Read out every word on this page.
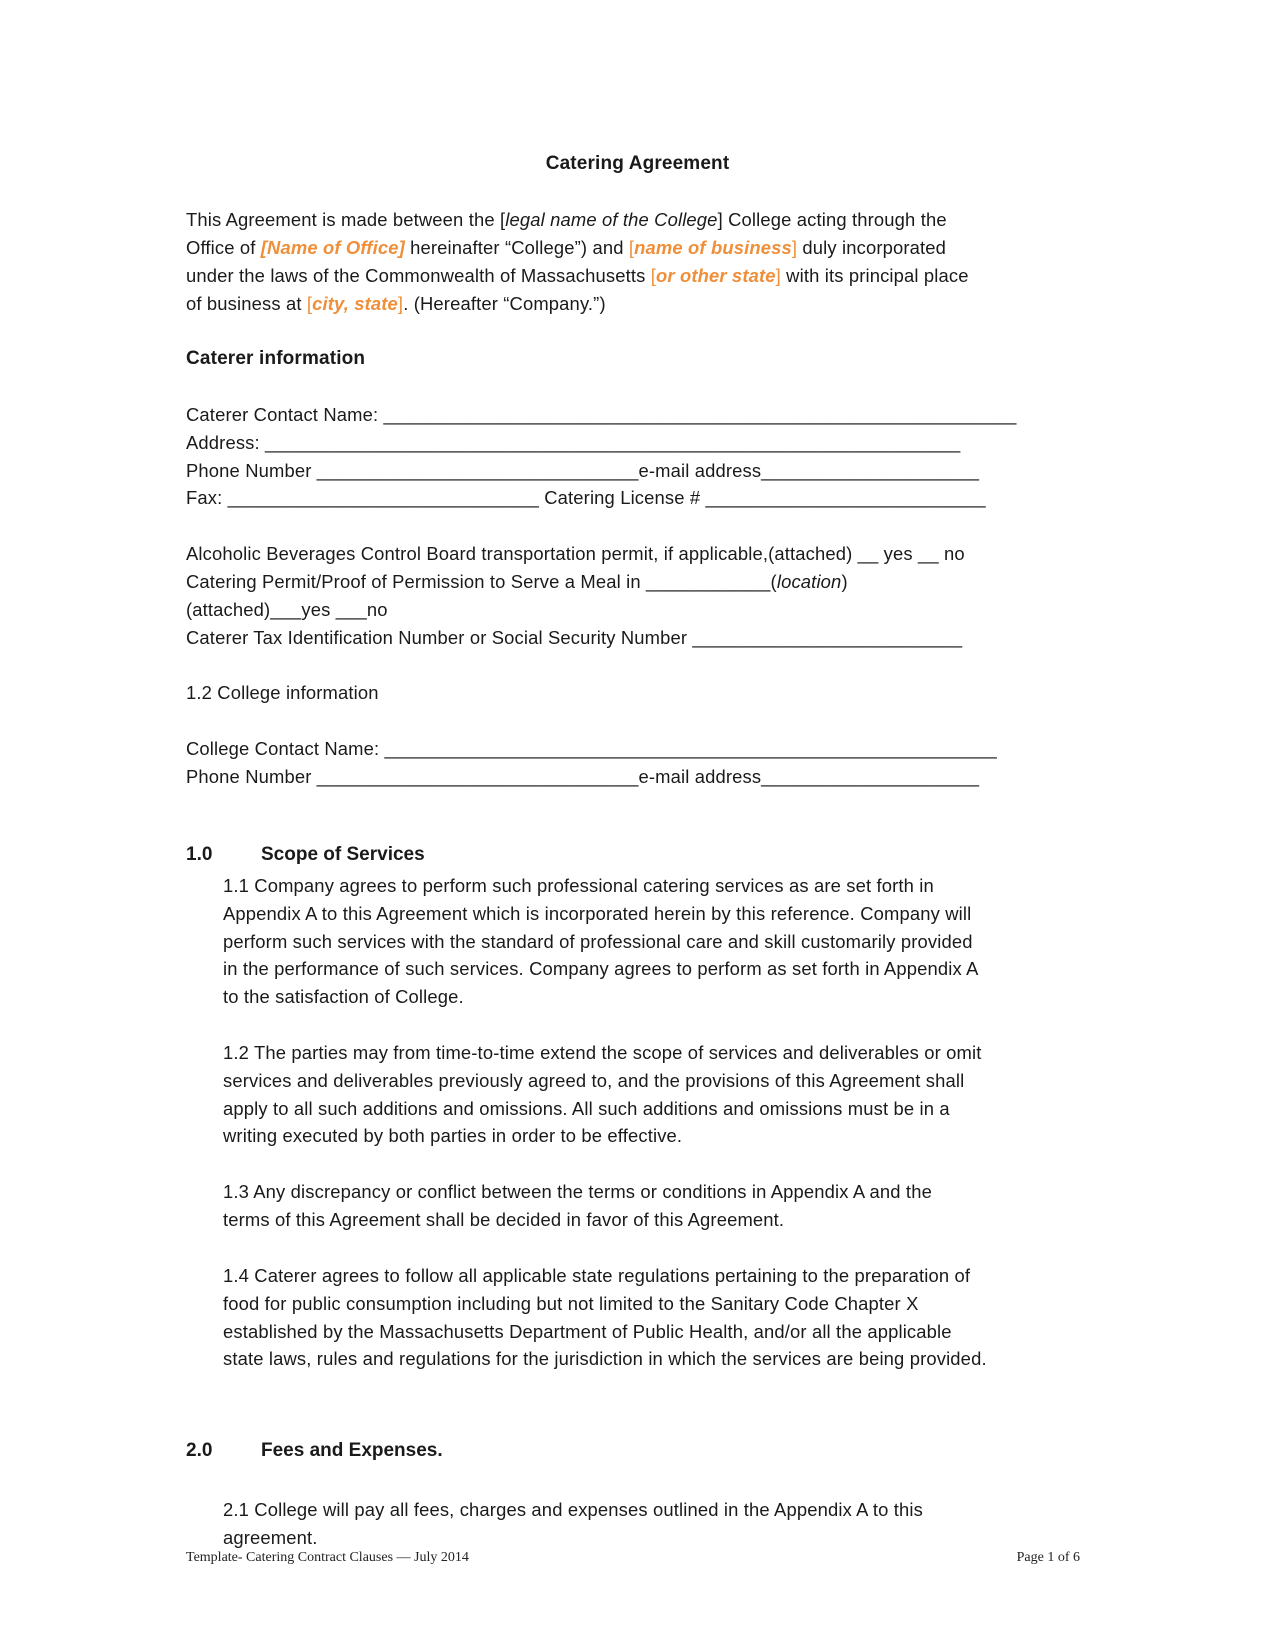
Catering Agreement
This Agreement is made between the [legal name of the College] College acting through the
Office of [Name of Office] hereinafter “College”) and [name of business] duly incorporated
under the laws of the Commonwealth of Massachusetts [or other state] with its principal place
of business at [city, state]. (Hereafter “Company.”)
Caterer information
Caterer Contact Name: _____________________________________________________________
Address: ___________________________________________________________________
Phone Number _______________________________e-mail address_____________________
Fax: ______________________________ Catering License # ___________________________
Alcoholic Beverages Control Board transportation permit, if applicable,(attached) __ yes __ no
Catering Permit/Proof of Permission to Serve a Meal in ____________(location)
(attached)___yes ___no
Caterer Tax Identification Number or Social Security Number __________________________
1.2 College information
College Contact Name: ___________________________________________________________
Phone Number _______________________________e-mail address_____________________
1.0	Scope of Services
1.1 Company agrees to perform such professional catering services as are set forth in
Appendix A to this Agreement which is incorporated herein by this reference. Company will
perform such services with the standard of professional care and skill customarily provided
in the performance of such services. Company agrees to perform as set forth in Appendix A
to the satisfaction of College.
1.2 The parties may from time-to-time extend the scope of services and deliverables or omit
services and deliverables previously agreed to, and the provisions of this Agreement shall
apply to all such additions and omissions. All such additions and omissions must be in a
writing executed by both parties in order to be effective.
1.3 Any discrepancy or conflict between the terms or conditions in Appendix A and the
terms of this Agreement shall be decided in favor of this Agreement.
1.4 Caterer agrees to follow all applicable state regulations pertaining to the preparation of
food for public consumption including but not limited to the Sanitary Code Chapter X
established by the Massachusetts Department of Public Health, and/or all the applicable
state laws, rules and regulations for the jurisdiction in which the services are being provided.
2.0	Fees and Expenses.
2.1 College will pay all fees, charges and expenses outlined in the Appendix A to this
agreement.
Template- Catering Contract Clauses — July 2014	Page 1 of 6
